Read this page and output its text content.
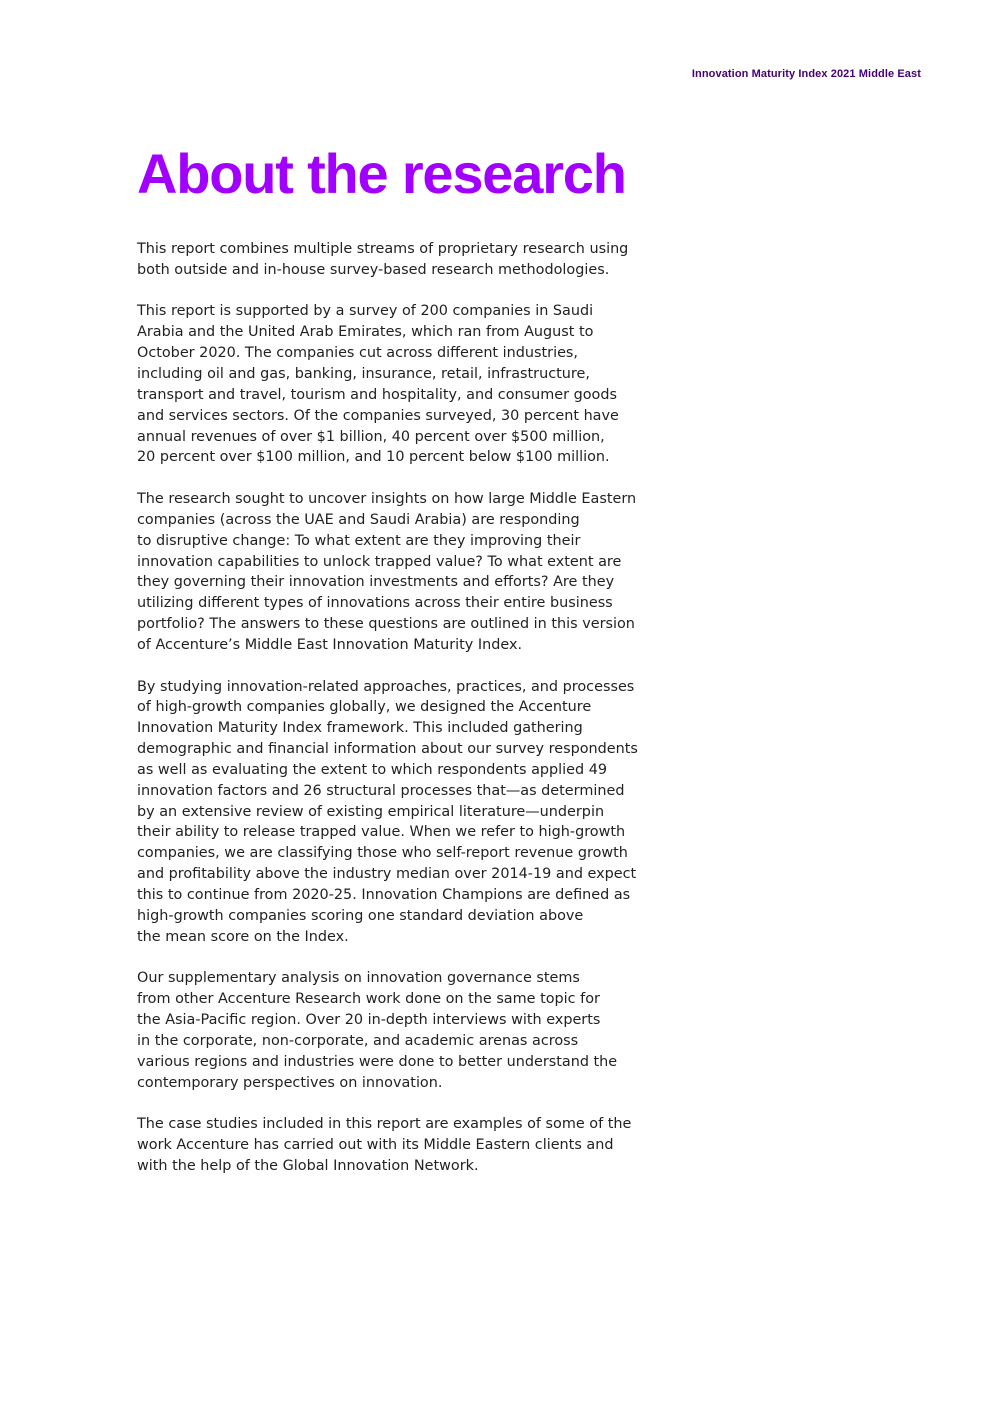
Innovation Maturity Index 2021 Middle East
About the research

This report combines multiple streams of proprietary research using
both outside and in-house survey-based research methodologies.

This report is supported by a survey of 200 companies in Saudi
Arabia and the United Arab Emirates, which ran from August to
October 2020. The companies cut across different industries,
including oil and gas, banking, insurance, retail, infrastructure,
transport and travel, tourism and hospitality, and consumer goods
and services sectors. Of the companies surveyed, 30 percent have
annual revenues of over $1 billion, 40 percent over $500 million,
20 percent over $100 million, and 10 percent below $100 million.

The research sought to uncover insights on how large Middle Eastern
companies (across the UAE and Saudi Arabia) are responding
to disruptive change: To what extent are they improving their
innovation capabilities to unlock trapped value? To what extent are
they governing their innovation investments and efforts? Are they
utilizing different types of innovations across their entire business
portfolio? The answers to these questions are outlined in this version
of Accenture’s Middle East Innovation Maturity Index.

By studying innovation-related approaches, practices, and processes
of high-growth companies globally, we designed the Accenture
Innovation Maturity Index framework. This included gathering
demographic and financial information about our survey respondents
as well as evaluating the extent to which respondents applied 49
innovation factors and 26 structural processes that—as determined
by an extensive review of existing empirical literature—underpin
their ability to release trapped value. When we refer to high-growth
companies, we are classifying those who self-report revenue growth
and profitability above the industry median over 2014-19 and expect
this to continue from 2020-25. Innovation Champions are defined as
high-growth companies scoring one standard deviation above
the mean score on the Index.

Our supplementary analysis on innovation governance stems
from other Accenture Research work done on the same topic for
the Asia-Pacific region. Over 20 in-depth interviews with experts
in the corporate, non-corporate, and academic arenas across
various regions and industries were done to better understand the
contemporary perspectives on innovation.

The case studies included in this report are examples of some of the
work Accenture has carried out with its Middle Eastern clients and
with the help of the Global Innovation Network.
